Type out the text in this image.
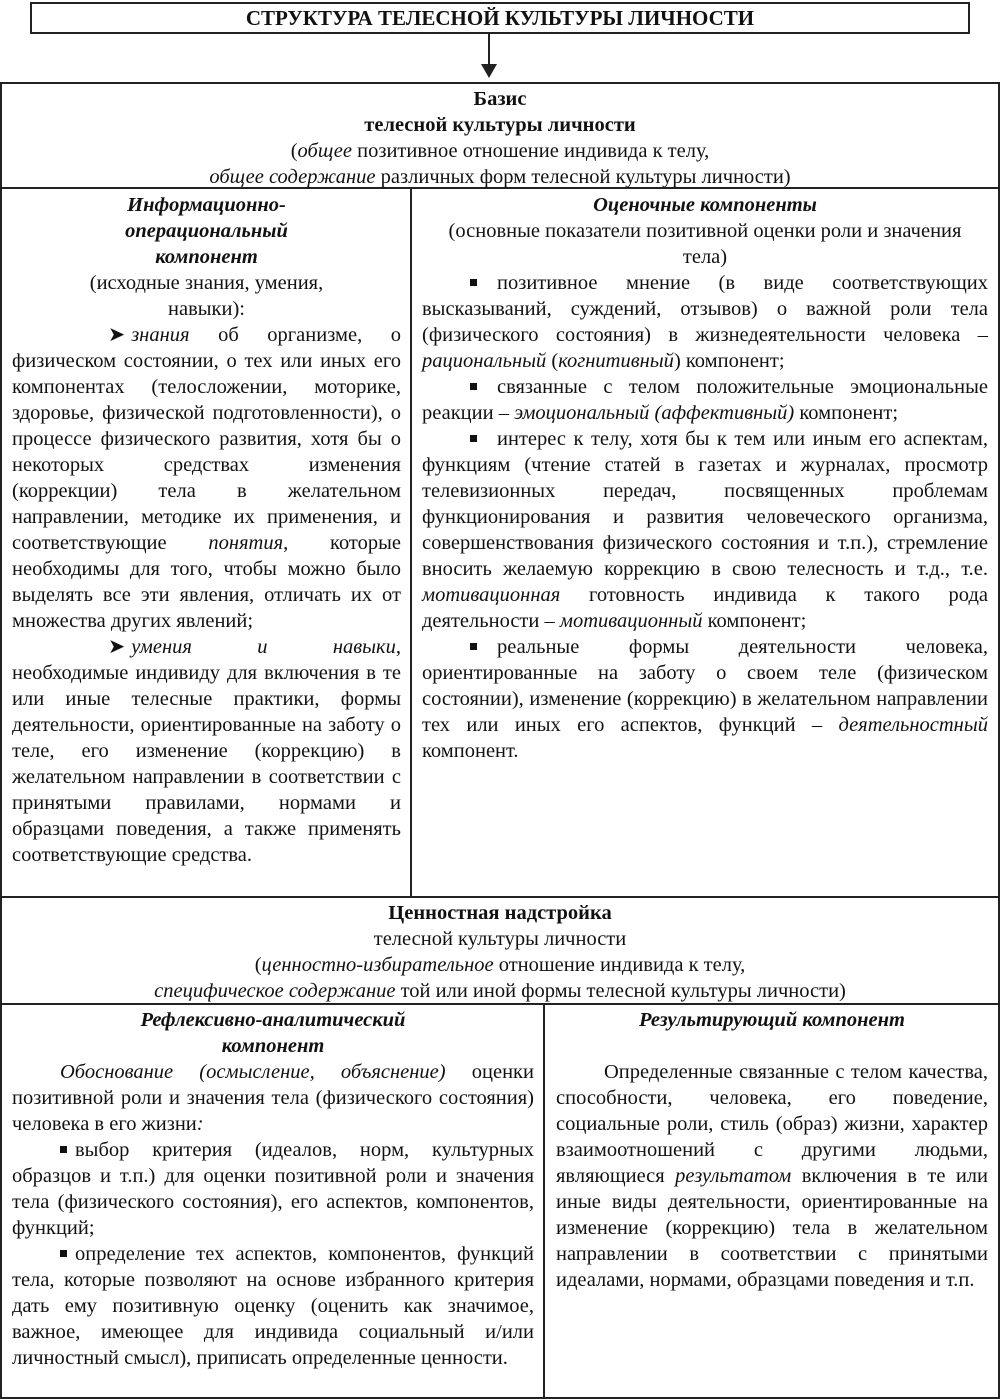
СТРУКТУРА ТЕЛЕСНОЙ КУЛЬТУРЫ ЛИЧНОСТИ

Базис

телесной культуры личности

(общее позитивное отношение индивида к телу,

общее содержание различных форм телесной культуры личности)

Информационно-операциональный компонент

(исходные знания, умения, навыки):

➤ знания об организме, о физическом состоянии, о тех или иных его компонентах (телосложении, моторике, здоровье, физической подготовленности), о процессе физического развития, хотя бы о некоторых средствах изменения (коррекции) тела в желательном направлении, методике их применения, и соответствующие понятия, которые необходимы для того, чтобы можно было выделять все эти явления, отличать их от множества других явлений;

➤ умения и навыки, необходимые индивиду для включения в те или иные телесные практики, формы деятельности, ориентированные на заботу о теле, его изменение (коррекцию) в желательном направлении в соответствии с принятыми правилами, нормами и образцами поведения, а также применять соответствующие средства.

Оценочные компоненты

(основные показатели позитивной оценки роли и значения тела)

позитивное мнение (в виде соответствующих высказываний, суждений, отзывов) о важной роли тела (физического состояния) в жизнедеятельности человека – рациональный (когнитивный) компонент;

связанные с телом положительные эмоциональные реакции – эмоциональный (аффективный) компонент;

интерес к телу, хотя бы к тем или иным его аспектам, функциям (чтение статей в газетах и журналах, просмотр телевизионных передач, посвященных проблемам функционирования и развития человеческого организма, совершенствования физического состояния и т.п.), стремление вносить желаемую коррекцию в свою телесность и т.д., т.е. мотивационная готовность индивида к такого рода деятельности – мотивационный компонент;

реальные формы деятельности человека, ориентированные на заботу о своем теле (физическом состоянии), изменение (коррекцию) в желательном направлении тех или иных его аспектов, функций – деятельностный компонент.

Ценностная надстройка

телесной культуры личности

(ценностно-избирательное отношение индивида к телу,

специфическое содержание той или иной формы телесной культуры личности)

Рефлексивно-аналитический компонент

Обоснование (осмысление, объяснение) оценки позитивной роли и значения тела (физического состояния) человека в его жизни:

выбор критерия (идеалов, норм, культурных образцов и т.п.) для оценки позитивной роли и значения тела (физического состояния), его аспектов, компонентов, функций;

определение тех аспектов, компонентов, функций тела, которые позволяют на основе избранного критерия дать ему позитивную оценку (оценить как значимое, важное, имеющее для индивида социальный и/или личностный смысл), приписать определенные ценности.

Результирующий компонент

Определенные связанные с телом качества, способности, человека, его поведение, социальные роли, стиль (образ) жизни, характер взаимоотношений с другими людьми, являющиеся результатом включения в те или иные виды деятельности, ориентированные на изменение (коррекцию) тела в желательном направлении в соответствии с принятыми идеалами, нормами, образцами поведения и т.п.
